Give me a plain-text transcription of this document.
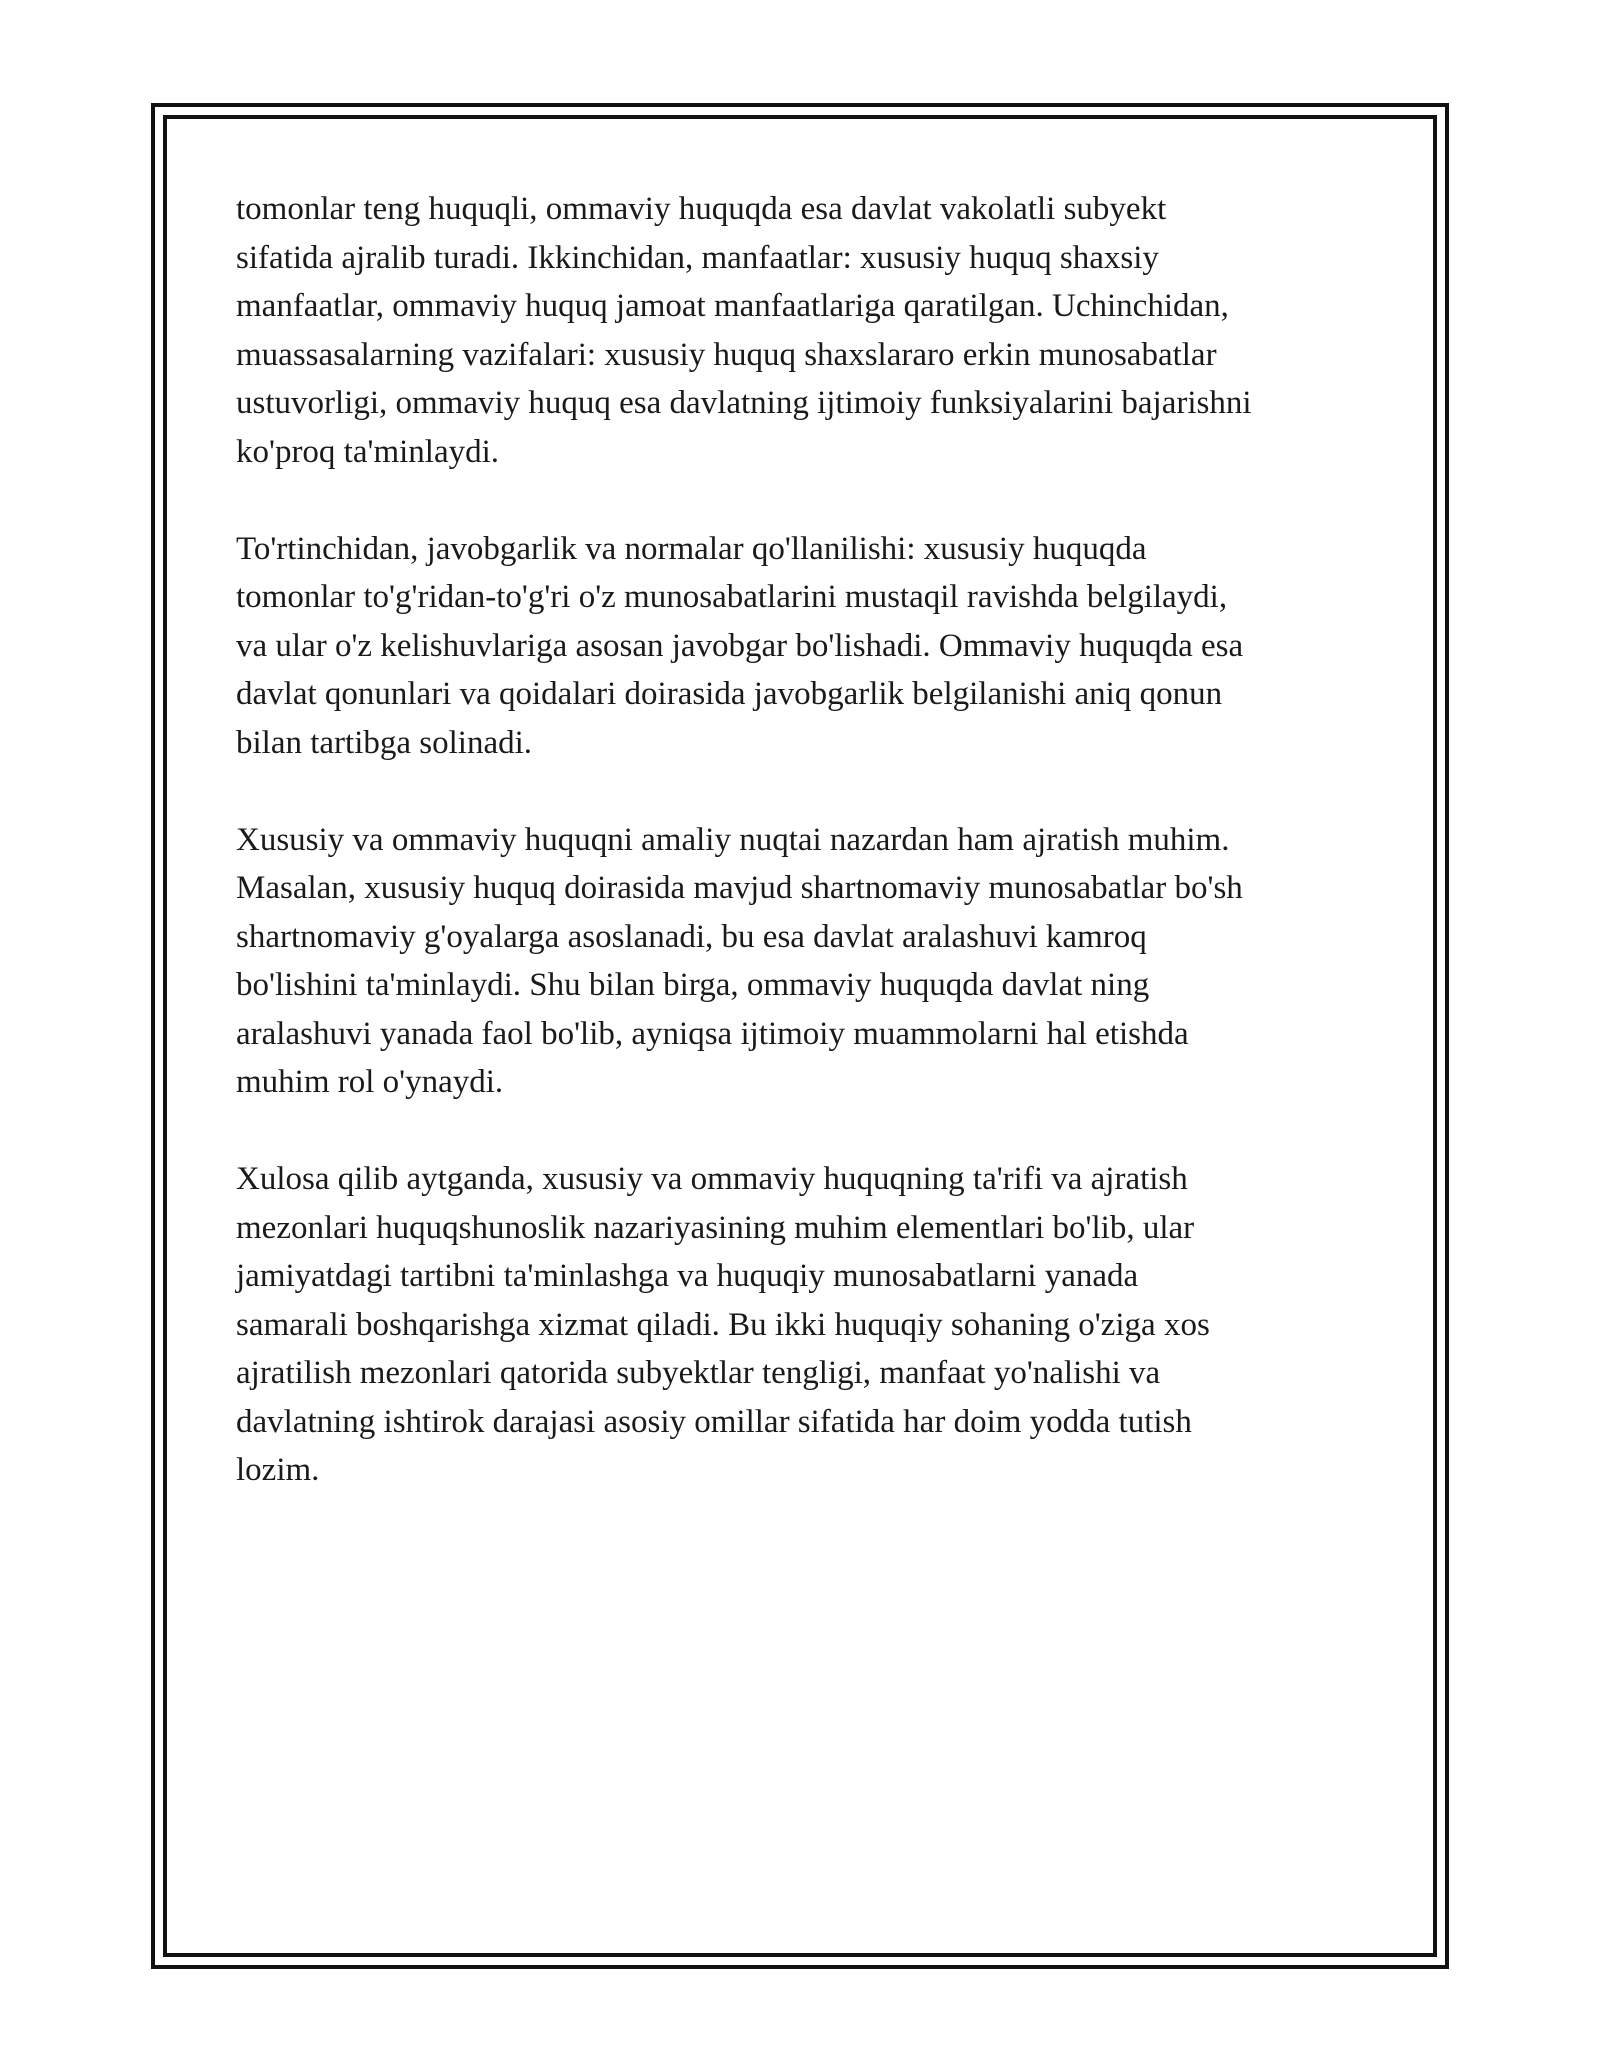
tomonlar teng huquqli, ommaviy huquqda esa davlat vakolatli subyekt
sifatida ajralib turadi. Ikkinchidan, manfaatlar: xususiy huquq shaxsiy
manfaatlar, ommaviy huquq jamoat manfaatlariga qaratilgan. Uchinchidan,
muassasalarning vazifalari: xususiy huquq shaxslararo erkin munosabatlar
ustuvorligi, ommaviy huquq esa davlatning ijtimoiy funksiyalarini bajarishni
ko'proq ta'minlaydi.

To'rtinchidan, javobgarlik va normalar qo'llanilishi: xususiy huquqda
tomonlar to'g'ridan-to'g'ri o'z munosabatlarini mustaqil ravishda belgilaydi,
va ular o'z kelishuvlariga asosan javobgar bo'lishadi. Ommaviy huquqda esa
davlat qonunlari va qoidalari doirasida javobgarlik belgilanishi aniq qonun
bilan tartibga solinadi.

Xususiy va ommaviy huquqni amaliy nuqtai nazardan ham ajratish muhim.
Masalan, xususiy huquq doirasida mavjud shartnomaviy munosabatlar bo'sh
shartnomaviy g'oyalarga asoslanadi, bu esa davlat aralashuvi kamroq
bo'lishini ta'minlaydi. Shu bilan birga, ommaviy huquqda davlat ning
aralashuvi yanada faol bo'lib, ayniqsa ijtimoiy muammolarni hal etishda
muhim rol o'ynaydi.

Xulosa qilib aytganda, xususiy va ommaviy huquqning ta'rifi va ajratish
mezonlari huquqshunoslik nazariyasining muhim elementlari bo'lib, ular
jamiyatdagi tartibni ta'minlashga va huquqiy munosabatlarni yanada
samarali boshqarishga xizmat qiladi. Bu ikki huquqiy sohaning o'ziga xos
ajratilish mezonlari qatorida subyektlar tengligi, manfaat yo'nalishi va
davlatning ishtirok darajasi asosiy omillar sifatida har doim yodda tutish
lozim.
